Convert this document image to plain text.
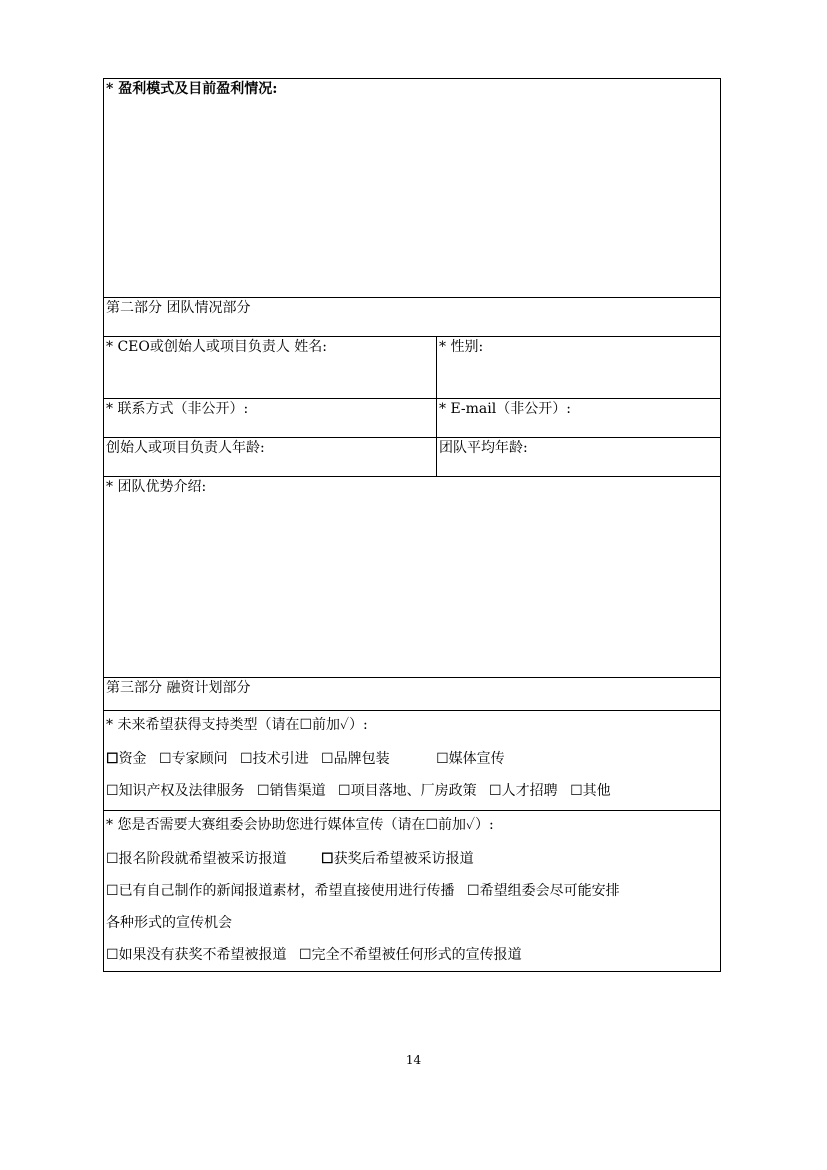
* 盈利模式及目前盈利情况:	
第二部分 团队情况部分	
* CEO或创始人或项目负责人 姓名:	* 性别:
* 联系方式（非公开）:	* E-mail（非公开）:
创始人或项目负责人年龄:	团队平均年龄:
* 团队优势介绍:	
第三部分 融资计划部分	

* 未来希望获得支持类型（请在☐前加✓）:
☐资金 ☐专家顾问 ☐技术引进 ☐品牌包装 ☐媒体宣传
☐知识产权及法律服务 ☐销售渠道 ☐项目落地、厂房政策 ☐人才招聘 ☐其他	

* 您是否需要大赛组委会协助您进行媒体宣传（请在☐前加✓）:
☐报名阶段就希望被采访报道 ☐获奖后希望被采访报道
☐已有自己制作的新闻报道素材，希望直接使用进行传播 ☐希望组委会尽可能安排
各种形式的宣传机会
☐如果没有获奖不希望被报道 ☐完全不希望被任何形式的宣传报道	
14
